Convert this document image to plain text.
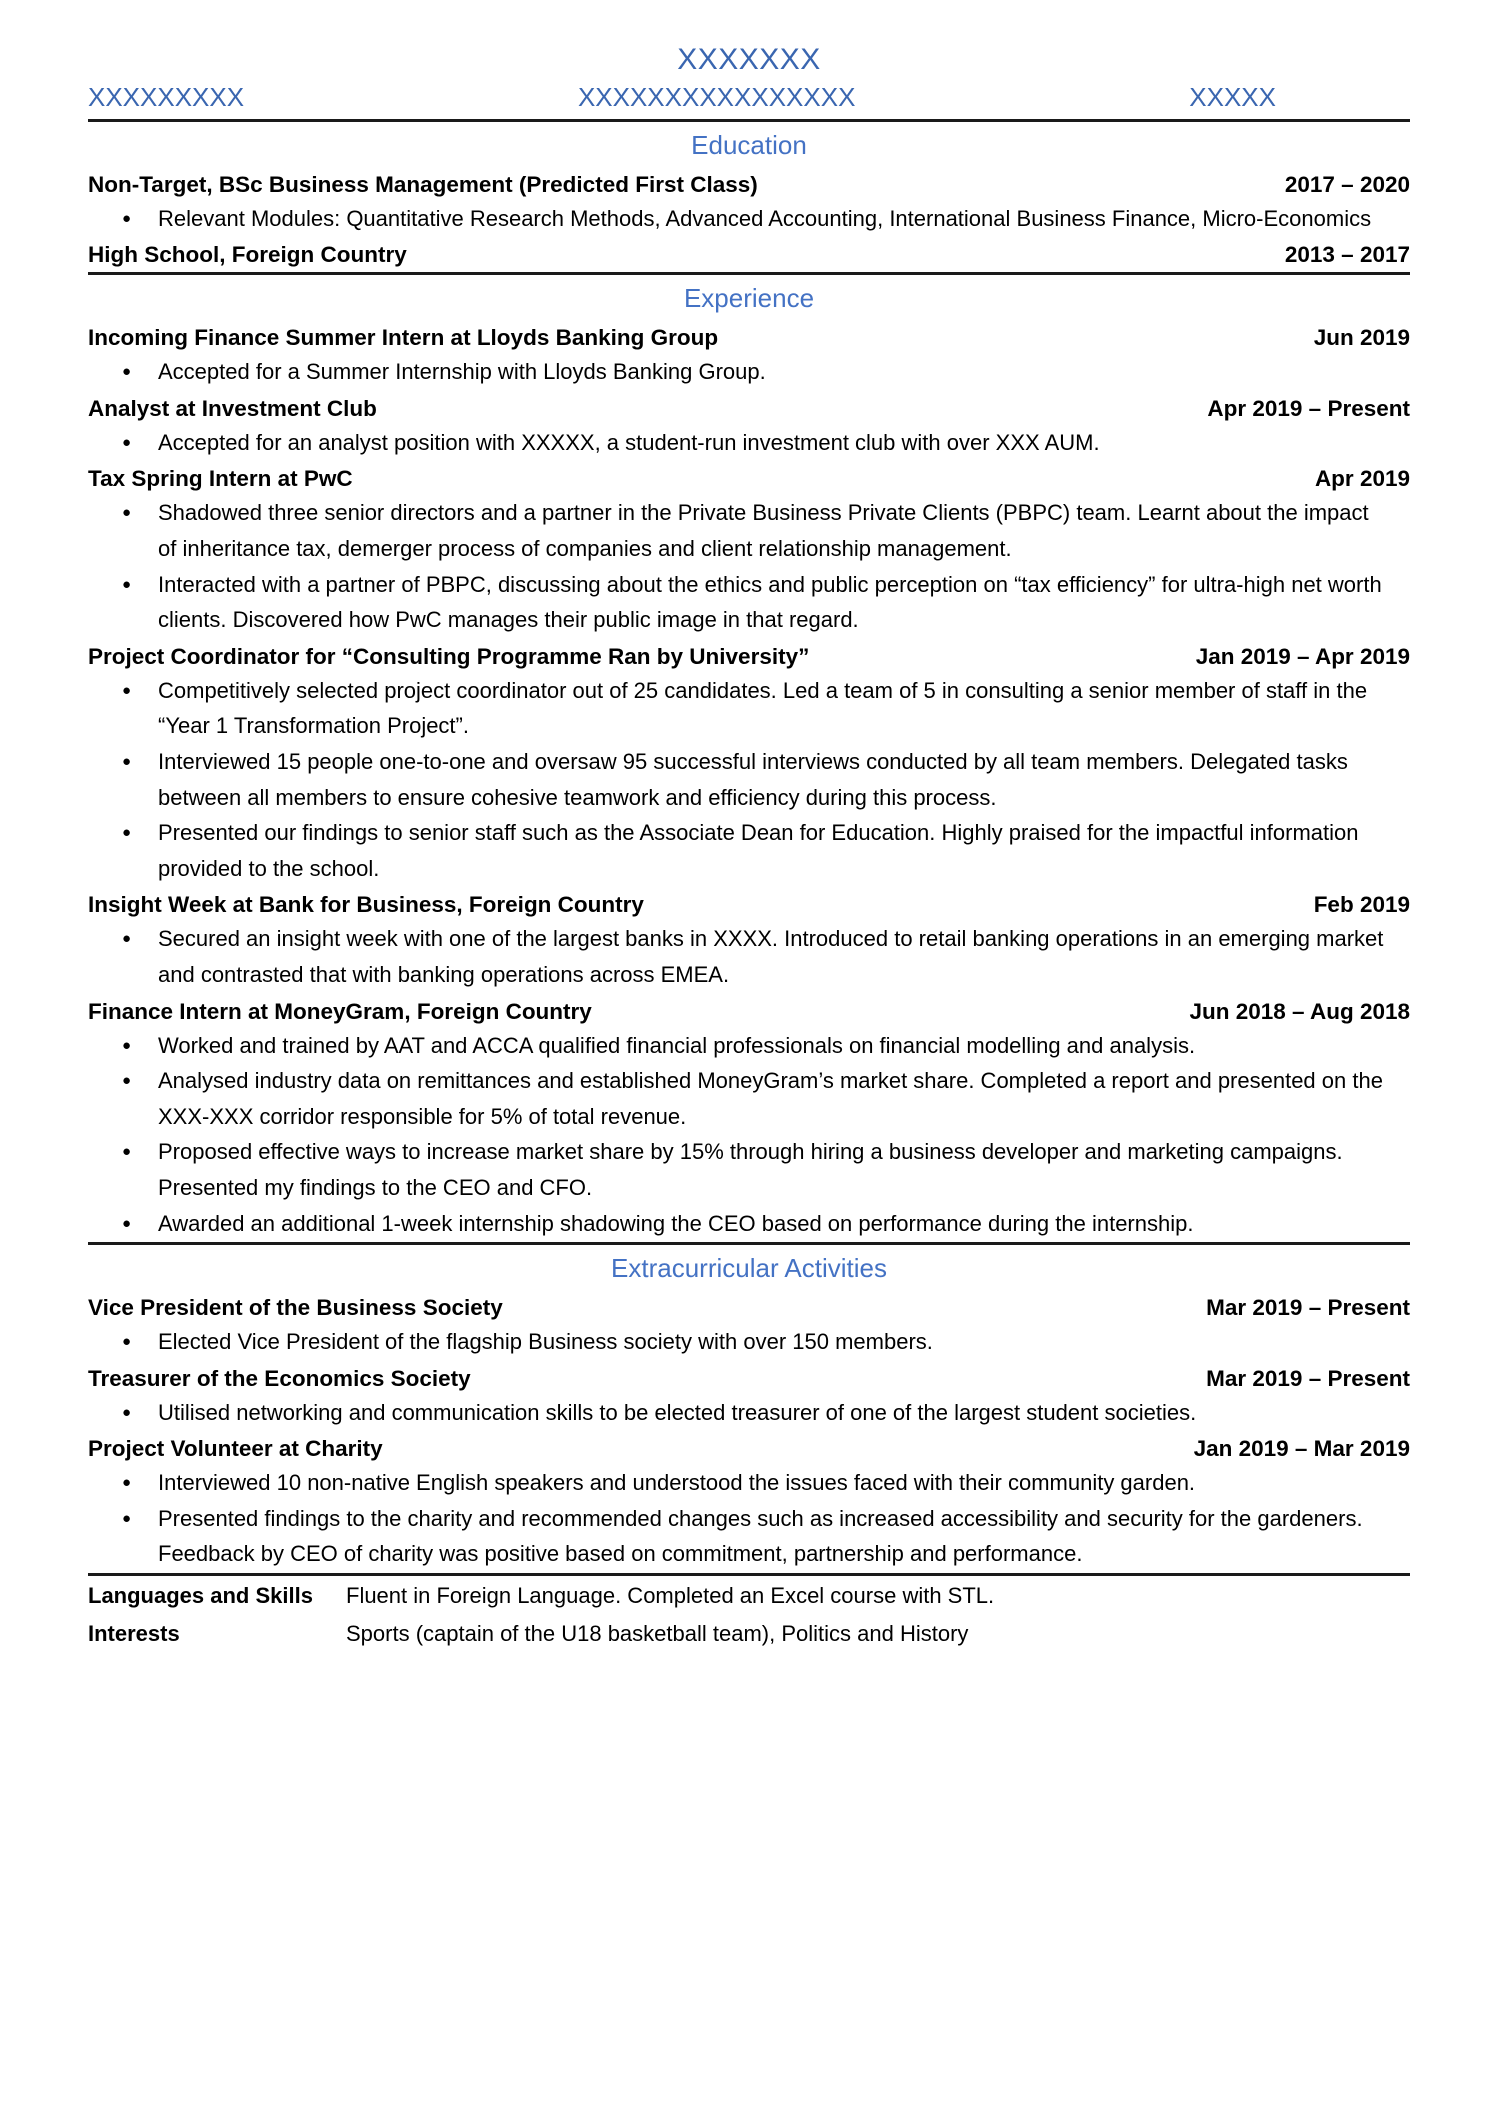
XXXXXXX
XXXXXXXXX	XXXXXXXXXXXXXXXX	XXXXX
Education
Non-Target, BSc Business Management (Predicted First Class)	2017 – 2020
● Relevant Modules: Quantitative Research Methods, Advanced Accounting, International Business Finance, Micro-Economics
High School, Foreign Country	2013 – 2017
Experience
Incoming Finance Summer Intern at Lloyds Banking Group	Jun 2019
● Accepted for a Summer Internship with Lloyds Banking Group.
Analyst at Investment Club	Apr 2019 – Present
● Accepted for an analyst position with XXXXX, a student-run investment club with over XXX AUM.
Tax Spring Intern at PwC	Apr 2019
● Shadowed three senior directors and a partner in the Private Business Private Clients (PBPC) team. Learnt about the impact of inheritance tax, demerger process of companies and client relationship management.
● Interacted with a partner of PBPC, discussing about the ethics and public perception on “tax efficiency” for ultra-high net worth clients. Discovered how PwC manages their public image in that regard.
Project Coordinator for “Consulting Programme Ran by University”	Jan 2019 – Apr 2019
● Competitively selected project coordinator out of 25 candidates. Led a team of 5 in consulting a senior member of staff in the “Year 1 Transformation Project”.
● Interviewed 15 people one-to-one and oversaw 95 successful interviews conducted by all team members. Delegated tasks between all members to ensure cohesive teamwork and efficiency during this process.
● Presented our findings to senior staff such as the Associate Dean for Education. Highly praised for the impactful information provided to the school.
Insight Week at Bank for Business, Foreign Country	Feb 2019
● Secured an insight week with one of the largest banks in XXXX. Introduced to retail banking operations in an emerging market and contrasted that with banking operations across EMEA.
Finance Intern at MoneyGram, Foreign Country	Jun 2018 – Aug 2018
● Worked and trained by AAT and ACCA qualified financial professionals on financial modelling and analysis.
● Analysed industry data on remittances and established MoneyGram’s market share. Completed a report and presented on the XXX-XXX corridor responsible for 5% of total revenue.
● Proposed effective ways to increase market share by 15% through hiring a business developer and marketing campaigns. Presented my findings to the CEO and CFO.
● Awarded an additional 1-week internship shadowing the CEO based on performance during the internship.
Extracurricular Activities
Vice President of the Business Society	Mar 2019 – Present
● Elected Vice President of the flagship Business society with over 150 members.
Treasurer of the Economics Society	Mar 2019 – Present
● Utilised networking and communication skills to be elected treasurer of one of the largest student societies.
Project Volunteer at Charity	Jan 2019 – Mar 2019
● Interviewed 10 non-native English speakers and understood the issues faced with their community garden.
● Presented findings to the charity and recommended changes such as increased accessibility and security for the gardeners. Feedback by CEO of charity was positive based on commitment, partnership and performance.
Languages and Skills	Fluent in Foreign Language. Completed an Excel course with STL.
Interests	Sports (captain of the U18 basketball team), Politics and History
